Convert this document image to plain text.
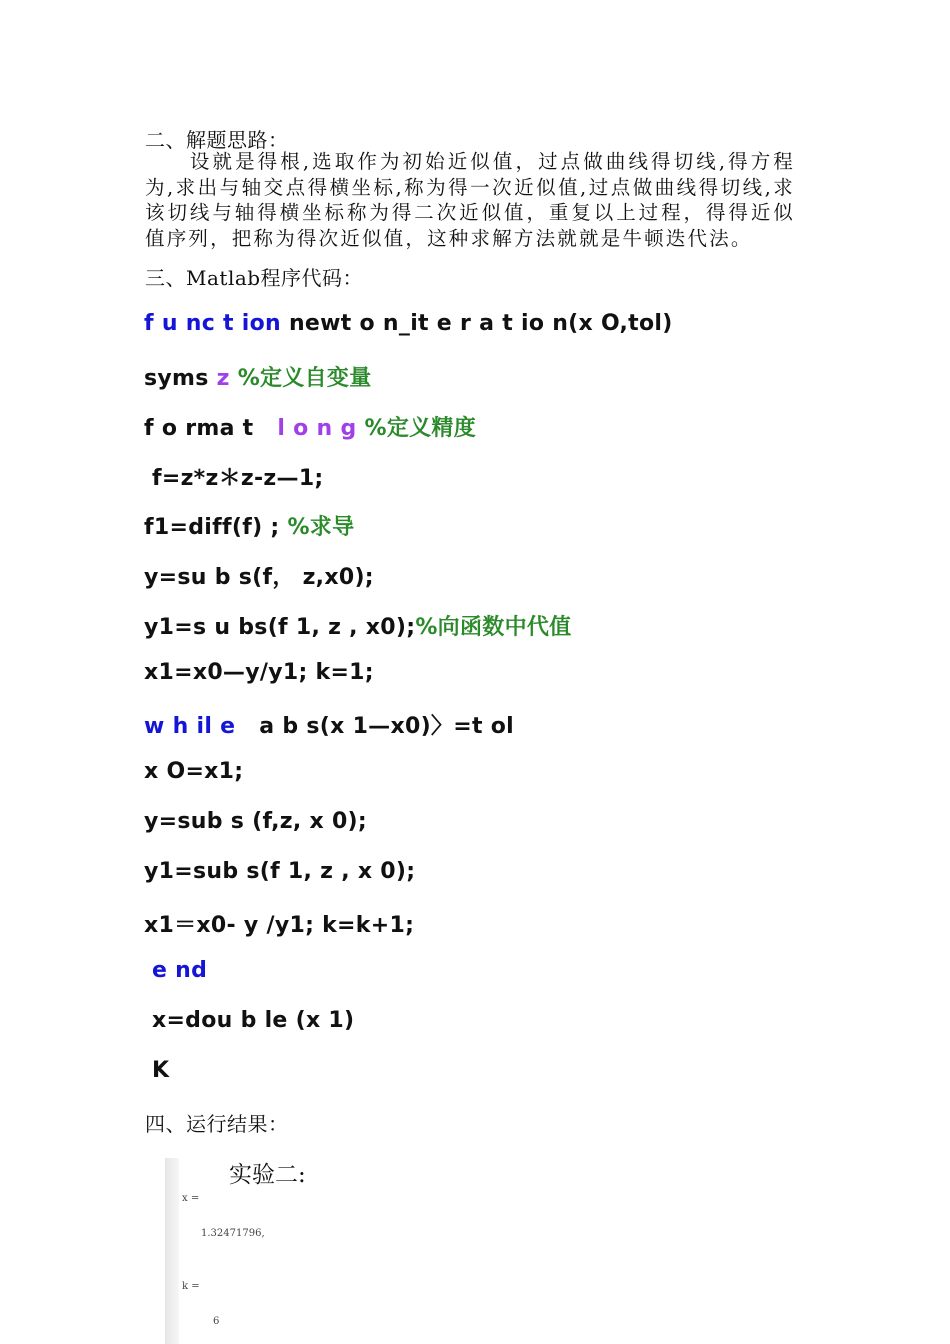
二、解题思路：
设就是得根,选取作为初始近似值，过点做曲线得切线,得方程为,求出与轴交点得横坐标,称为得一次近似值,过点做曲线得切线,求该切线与轴得横坐标称为得二次近似值，重复以上过程，得得近似值序列，把称为得次近似值，这种求解方法就就是牛顿迭代法。
三、Matlab程序代码：
f u nc t ion newt o n_it e r a t io n(x O,tol)
syms z %定义自变量
f o rma t   l o n g %定义精度
f=z*z＊z-z—1;
f1=diff(f) ; %求导
y=su b s(f， z,x0);
y1=s u bs(f 1, z , x0);%向函数中代值
x1=x0—y/y1; k=1;
w h il e   a b s(x 1—x0)〉=t ol
x O=x1;
y=sub s (f,z, x 0);
y1=sub s(f 1, z , x 0);
x1＝x0- y /y1; k=k+1;
e nd
x=dou b le (x 1)
K
四、运行结果：
实验二:
x =
1.32471796,
k =
6
